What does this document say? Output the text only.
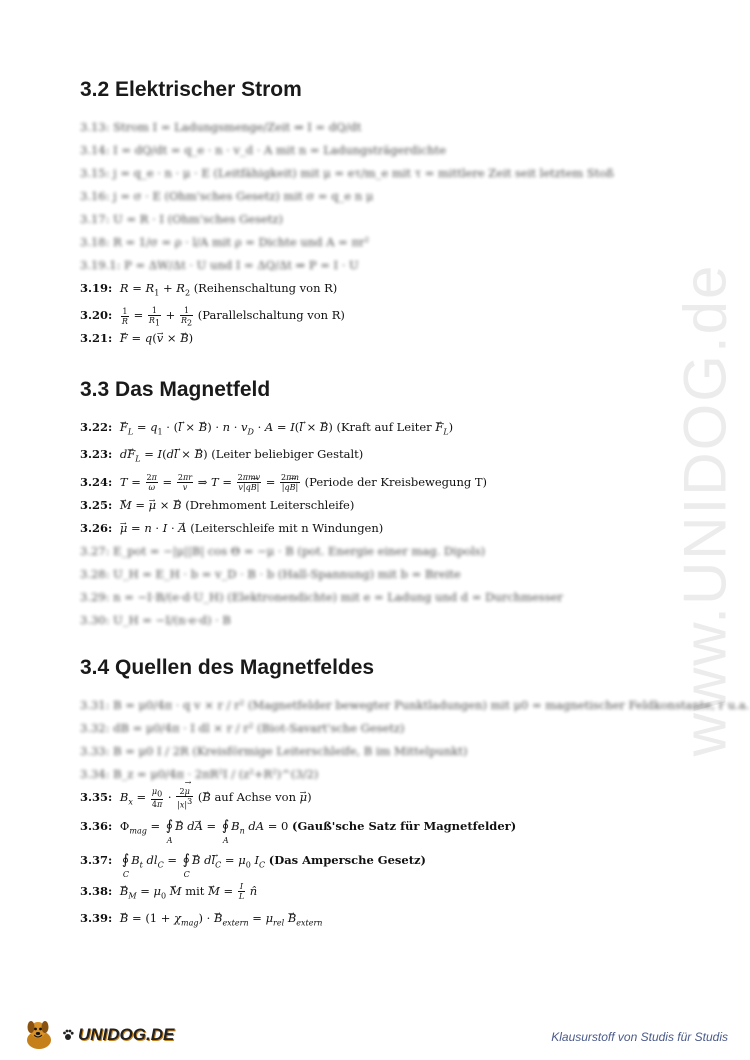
www.UNIDOG.de
3.2 Elektrischer Strom
3.13: Strom I = Ladungsmenge/Zeit ⇒ I = dQ/dt
3.14: I = dQ/dt = q_e · n · v_d · A mit n = Ladungsträgerdichte
3.15: j = q_e · n · μ · E (Leitfähigkeit) mit μ = eτ/m_e mit τ = mittlere Zeit seit letztem Stoß
3.16: j = σ · E (Ohm'sches Gesetz) mit σ = q_e n μ
3.17: U = R · I (Ohm'sches Gesetz)
3.18: R = 1/σ = ρ · l/A mit ρ = Dichte und A = πr²
3.19.1: P = ΔW/Δt · U und I = ΔQ/Δt ⇒ P = I · U
3.19: $R = R_1 + R_2$ (Reihenschaltung von R)
3.20: $\frac{1}{R} = \frac{1}{R_1} + \frac{1}{R_2}$ (Parallelschaltung von R)
3.21: → F = q(→ v × → B)
3.3 Das Magnetfeld
3.22: → $F_L = q_1$ · (→ l × → $B) \cdot n \cdot v_D \cdot A = I(\to l$ × → B) (Kraft auf Leiter → $F_L$)
3.23: $d\to F_L = I(d\to l$ × → B) (Leiter beliebiger Gestalt)
3.24: $T = \frac{2\pi}{\omega} = \frac{2\pi r}{v}$ ⇒ $T = \frac{\text{2πmv}}{v|q\to B|} = \frac{2\pi m}{|q\to B|}$ (Periode der Kreisbewegung T)
3.25: → M = → μ × → B (Drehmoment Leiterschleife)
3.26: → μ = n · I · → A (Leiterschleife mit n Windungen)
3.27: E_pot = −|μ||B| cos Θ = −μ · B (pot. Energie einer mag. Dipols)
3.28: U_H = E_H · b = v_D · B · b (Hall-Spannung) mit b = Breite
3.29: n = −I·B/(e·d·U_H) (Elektronendichte) mit e = Ladung und d = Durchmesser
3.30: U_H = −I/(n·e·d) · B
3.4 Quellen des Magnetfeldes
3.31: B = μ0/4π · q v × r / r² (Magnetfelder bewegter Punktladungen) mit μ0 = magnetischer Feldkonstante, r u.a.
3.32: dB = μ0/4π · I dl × r / r² (Biot-Savart'sche Gesetz)
3.33: B = μ0 I / 2R (Kreisförmige Leiterschleife, B im Mittelpunkt)
3.34: B_z = μ0/4π · 2πR²I / (z²+R²)^(3/2)
3.35: $B_x = \frac{\mu_0}{4\pi} \cdot \frac{2\to \mu}{|x|^3}$ (→ B auf Achse von → μ)
3.36: $\Phi_{mag}$ = ∮
A
→ B d→ A = ∮
A
$B_n$ dA = 0 (Gauß'sche Satz für Magnetfelder)
3.37: ∮
C
$B_t$ $dl_C$ = ∮
C
→ B $d\to l_C = \mu_0$ $I_C$ (Das Ampersche Gesetz)
3.38: → $B_M = \mu_0 \to M$ mit → $M = \frac{I}{L}$ n̂
3.39: → $B = (1 + \chi_{mag})$ · → $B_{extern} = \mu_{rel} \to B_{extern}$
UNIDOG.DE	Klausurstoff von Studis für Studis
